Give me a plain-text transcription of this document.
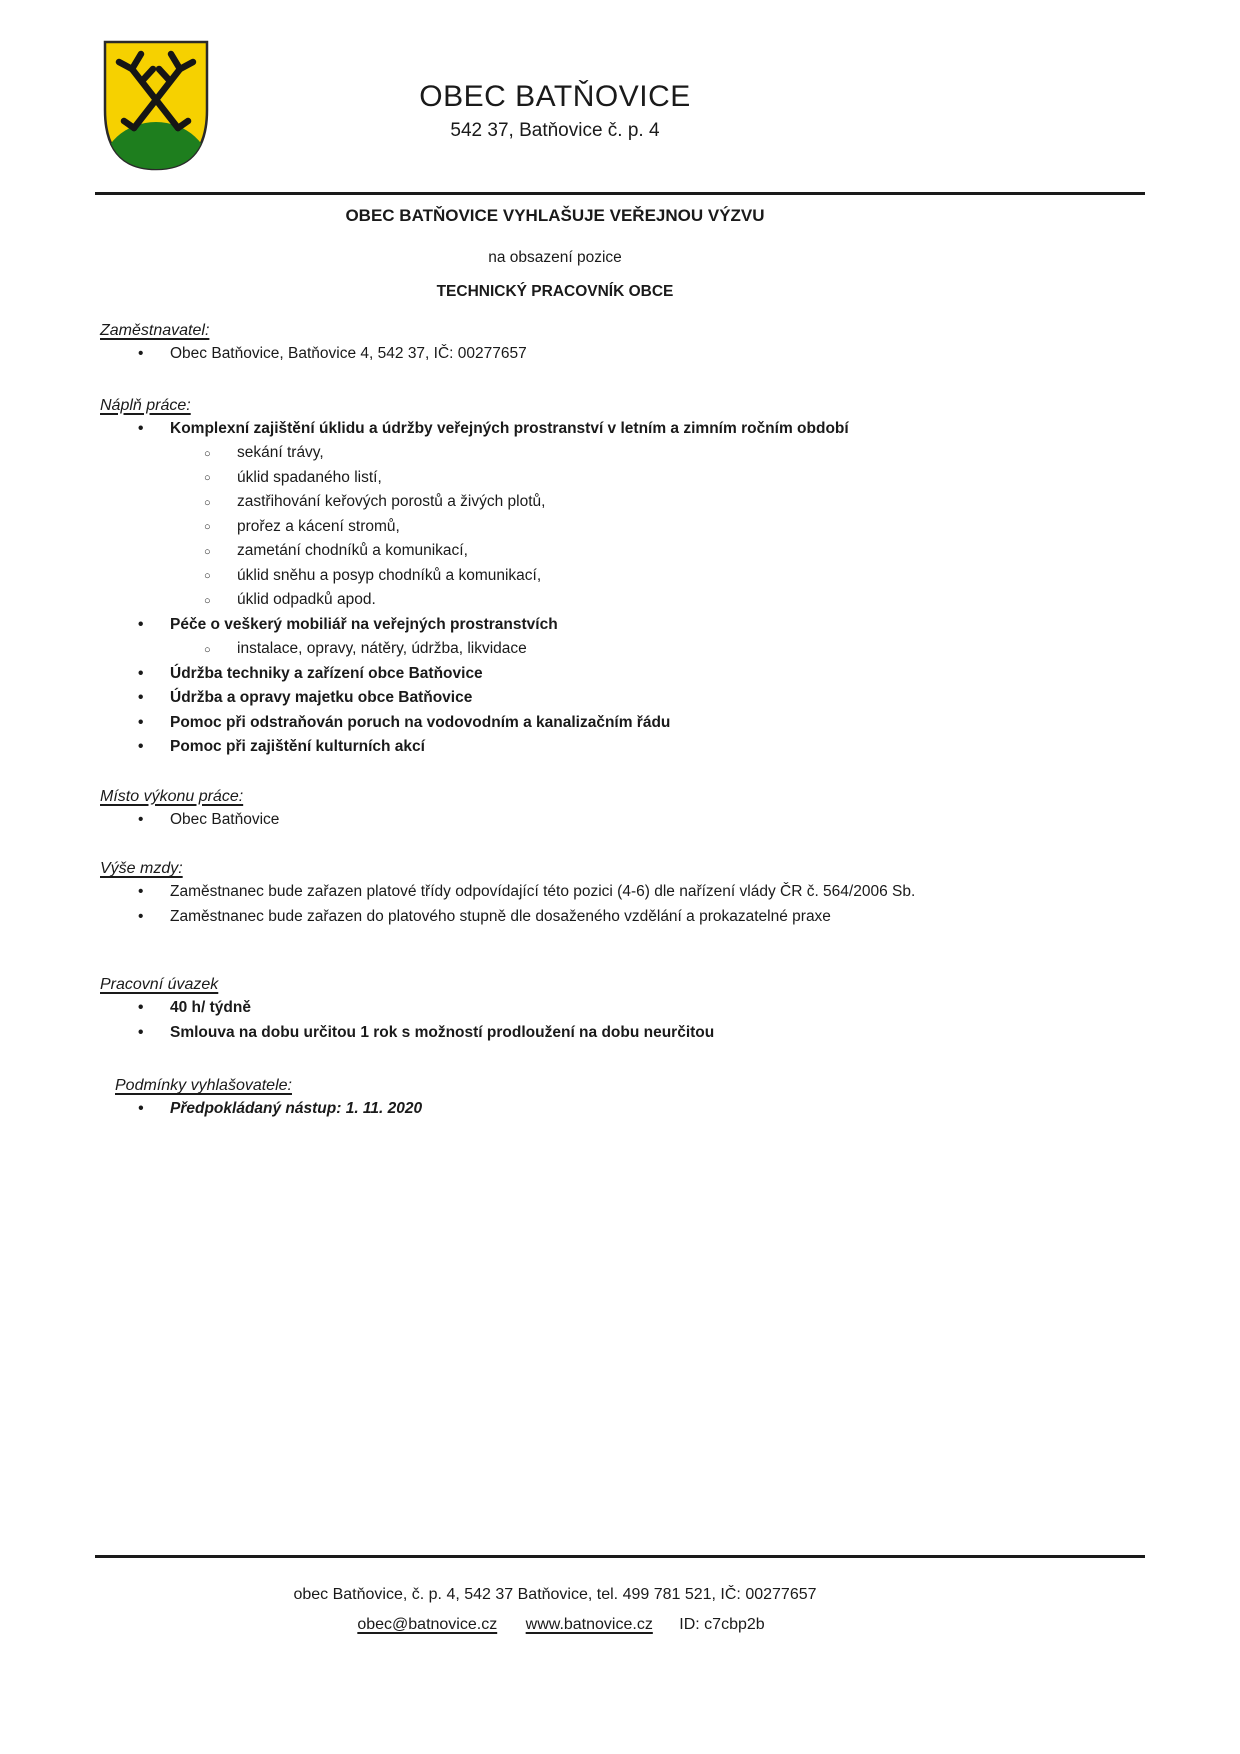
OBEC BATŇOVICE
542 37, Batňovice č. p. 4
OBEC BATŇOVICE VYHLAŠUJE VEŘEJNOU VÝZVU
na obsazení pozice
TECHNICKÝ PRACOVNÍK OBCE
Zaměstnavatel:
• Obec Batňovice, Batňovice 4, 542 37, IČ: 00277657
Náplň práce:
• Komplexní zajištění úklidu a údržby veřejných prostranství v letním a zimním ročním období
○ sekání trávy,
○ úklid spadaného listí,
○ zastřihování keřových porostů a živých plotů,
○ prořez a kácení stromů,
○ zametání chodníků a komunikací,
○ úklid sněhu a posyp chodníků a komunikací,
○ úklid odpadků apod.
• Péče o veškerý mobiliář na veřejných prostranstvích
○ instalace, opravy, nátěry, údržba, likvidace
• Údržba techniky a zařízení obce Batňovice
• Údržba a opravy majetku obce Batňovice
• Pomoc při odstraňován poruch na vodovodním a kanalizačním řádu
• Pomoc při zajištění kulturních akcí
Místo výkonu práce:
• Obec Batňovice
Výše mzdy:
• Zaměstnanec bude zařazen platové třídy odpovídající této pozici (4-6) dle nařízení vlády ČR č. 564/2006 Sb.
• Zaměstnanec bude zařazen do platového stupně dle dosaženého vzdělání a prokazatelné praxe
Pracovní úvazek
• 40 h/ týdně
• Smlouva na dobu určitou 1 rok s možností prodloužení na dobu neurčitou
Podmínky vyhlašovatele:
• Předpokládaný nástup: 1. 11. 2020
obec Batňovice, č. p. 4, 542 37 Batňovice, tel. 499 781 521, IČ: 00277657
obec@batnovice.cz www.batnovice.cz ID: c7cbp2b
